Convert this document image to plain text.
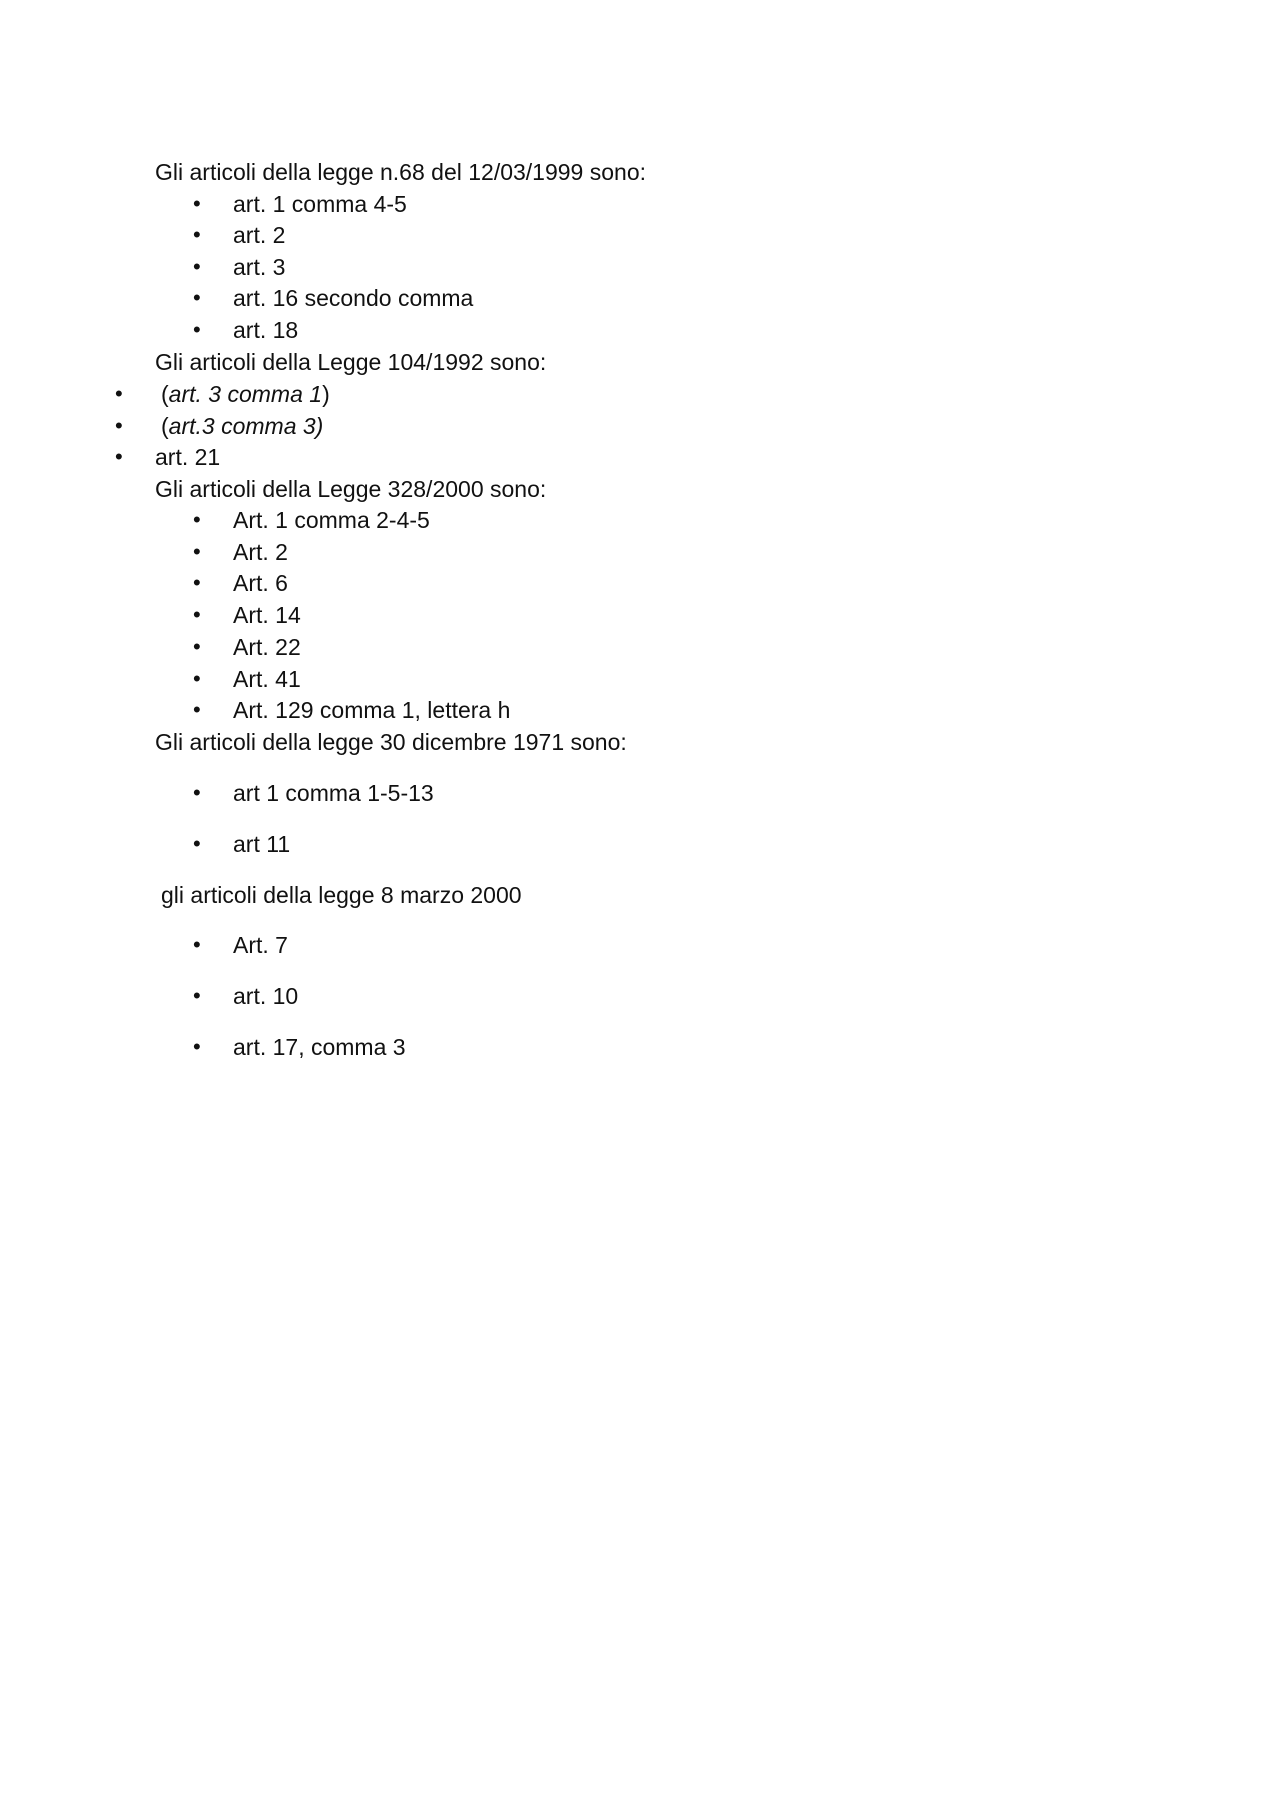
Gli articoli della legge n.68 del 12/03/1999 sono:
• art. 1 comma 4-5
• art. 2
• art. 3
• art. 16 secondo comma
• art. 18
Gli articoli della Legge 104/1992 sono:
• (art. 3 comma 1)
• (art.3 comma 3)
• art. 21
Gli articoli della Legge 328/2000 sono:
• Art. 1 comma 2-4-5
• Art. 2
• Art. 6
• Art. 14
• Art. 22
• Art. 41
• Art. 129 comma 1, lettera h
Gli articoli della legge 30 dicembre 1971 sono:
• art 1 comma 1-5-13
• art 11
gli articoli della legge 8 marzo 2000
• Art. 7
• art. 10
• art. 17, comma 3
